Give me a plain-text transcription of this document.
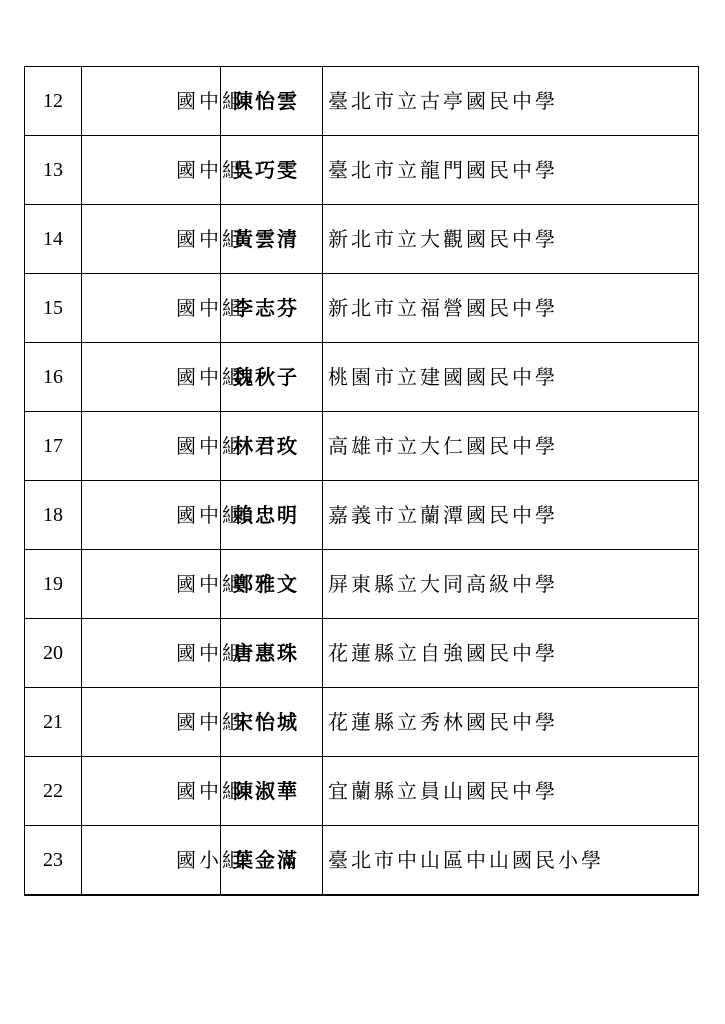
12	國中組	陳怡雲	臺北市立古亭國民中學
13	國中組	吳巧雯	臺北市立龍門國民中學
14	國中組	黃雲清	新北市立大觀國民中學
15	國中組	李志芬	新北市立福營國民中學
16	國中組	魏秋子	桃園市立建國國民中學
17	國中組	林君玫	高雄市立大仁國民中學
18	國中組	賴忠明	嘉義市立蘭潭國民中學
19	國中組	鄭雅文	屏東縣立大同高級中學
20	國中組	唐惠珠	花蓮縣立自強國民中學
21	國中組	宋怡城	花蓮縣立秀林國民中學
22	國中組	陳淑華	宜蘭縣立員山國民中學
23	國小組	葉金滿	臺北市中山區中山國民小學
